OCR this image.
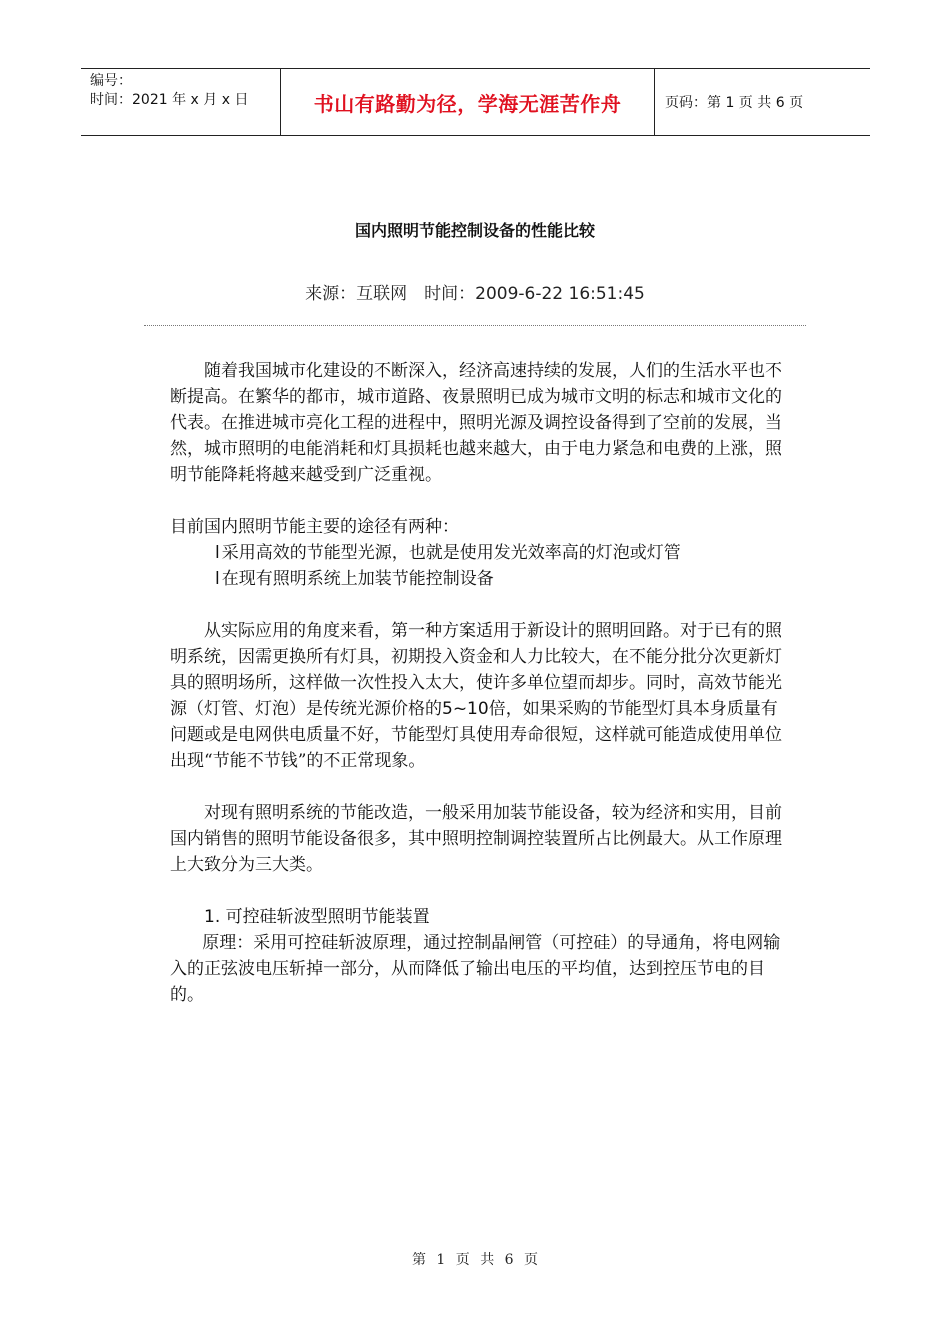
编号：
时间：2021 年 x 月 x 日	书山有路勤为径，学海无涯苦作舟	页码：第 1 页 共 6 页
国内照明节能控制设备的性能比较
来源：互联网　时间：2009-6-22 16:51:45

随着我国城市化建设的不断深入，经济高速持续的发展，人们的生活水平也不断提高。在繁华的都市，城市道路、夜景照明已成为城市文明的标志和城市文化的代表。在推进城市亮化工程的进程中，照明光源及调控设备得到了空前的发展，当然，城市照明的电能消耗和灯具损耗也越来越大，由于电力紧急和电费的上涨，照明节能降耗将越来越受到广泛重视。

目前国内照明节能主要的途径有两种：

l 采用高效的节能型光源，也就是使用发光效率高的灯泡或灯管

l 在现有照明系统上加装节能控制设备

从实际应用的角度来看，第一种方案适用于新设计的照明回路。对于已有的照明系统，因需更换所有灯具，初期投入资金和人力比较大，在不能分批分次更新灯具的照明场所，这样做一次性投入太大，使许多单位望而却步。同时，高效节能光源（灯管、灯泡）是传统光源价格的5~10倍，如果采购的节能型灯具本身质量有问题或是电网供电质量不好，节能型灯具使用寿命很短，这样就可能造成使用单位出现“节能不节钱”的不正常现象。

对现有照明系统的节能改造，一般采用加装节能设备，较为经济和实用，目前国内销售的照明节能设备很多，其中照明控制调控装置所占比例最大。从工作原理上大致分为三大类。

1. 可控硅斩波型照明节能装置

原理：采用可控硅斩波原理，通过控制晶闸管（可控硅）的导通角，将电网输入的正弦波电压斩掉一部分，从而降低了输出电压的平均值，达到控压节电的目的。

第 1 页 共 6 页
